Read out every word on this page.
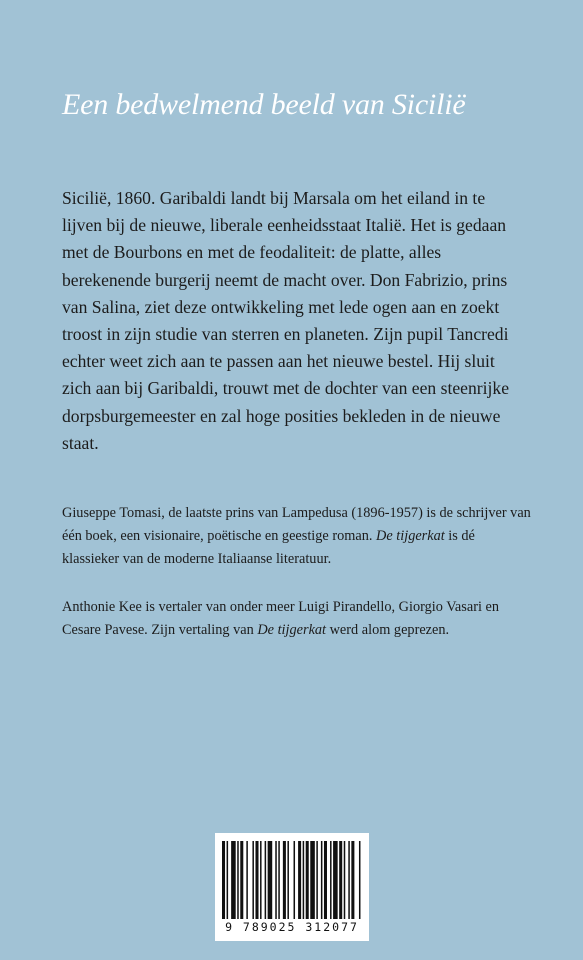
Een bedwelmend beeld van Sicilië

Sicilië, 1860. Garibaldi landt bij Marsala om het eiland in te lijven bij de nieuwe, liberale eenheidsstaat Italië. Het is gedaan met de Bourbons en met de feodaliteit: de platte, alles berekenende burgerij neemt de macht over. Don Fabrizio, prins van Salina, ziet deze ontwikkeling met lede ogen aan en zoekt troost in zijn studie van sterren en planeten. Zijn pupil Tancredi echter weet zich aan te passen aan het nieuwe bestel. Hij sluit zich aan bij Garibaldi, trouwt met de dochter van een steenrijke dorpsburgemeester en zal hoge posities bekleden in de nieuwe staat.

Giuseppe Tomasi, de laatste prins van Lampedusa (1896-1957) is de schrijver van één boek, een visionaire, poëtische en geestige roman. De tijgerkat is dé klassieker van de moderne Italiaanse literatuur.

Anthonie Kee is vertaler van onder meer Luigi Pirandello, Giorgio Vasari en Cesare Pavese. Zijn vertaling van De tijgerkat werd alom geprezen.

9 789025 312077
